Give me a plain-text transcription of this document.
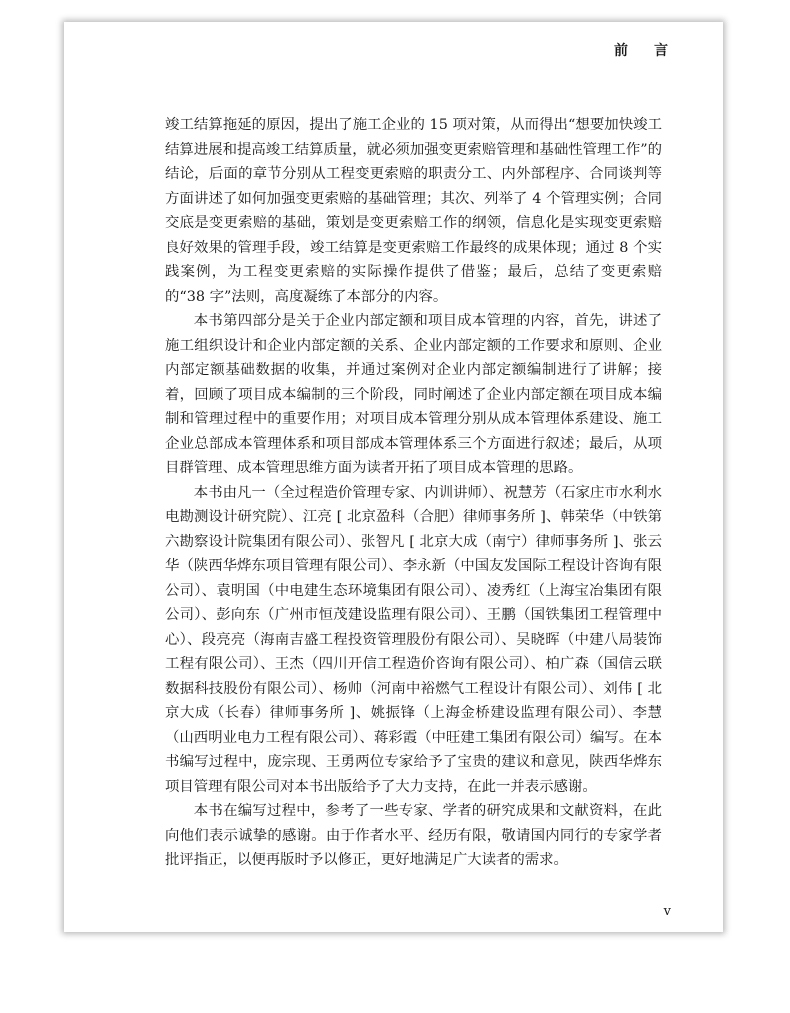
前　言

竣工结算拖延的原因，提出了施工企业的 15 项对策，从而得出“想要加快竣工结算进展和提高竣工结算质量，就必须加强变更索赔管理和基础性管理工作”的结论，后面的章节分别从工程变更索赔的职责分工、内外部程序、合同谈判等方面讲述了如何加强变更索赔的基础管理；其次、列举了 4 个管理实例；合同交底是变更索赔的基础，策划是变更索赔工作的纲领，信息化是实现变更索赔良好效果的管理手段，竣工结算是变更索赔工作最终的成果体现；通过 8 个实践案例，为工程变更索赔的实际操作提供了借鉴；最后，总结了变更索赔的“38 字”法则，高度凝练了本部分的内容。

本书第四部分是关于企业内部定额和项目成本管理的内容，首先，讲述了施工组织设计和企业内部定额的关系、企业内部定额的工作要求和原则、企业内部定额基础数据的收集，并通过案例对企业内部定额编制进行了讲解；接着，回顾了项目成本编制的三个阶段，同时阐述了企业内部定额在项目成本编制和管理过程中的重要作用；对项目成本管理分别从成本管理体系建设、施工企业总部成本管理体系和项目部成本管理体系三个方面进行叙述；最后，从项目群管理、成本管理思维方面为读者开拓了项目成本管理的思路。

本书由凡一（全过程造价管理专家、内训讲师）、祝慧芳（石家庄市水利水电勘测设计研究院）、江亮 [ 北京盈科（合肥）律师事务所 ]、韩荣华（中铁第六勘察设计院集团有限公司）、张智凡 [ 北京大成（南宁）律师事务所 ]、张云华（陕西华烨东项目管理有限公司）、李永新（中国友发国际工程设计咨询有限公司）、袁明国（中电建生态环境集团有限公司）、凌秀红（上海宝冶集团有限公司）、彭向东（广州市恒茂建设监理有限公司）、王鹏（国铁集团工程管理中心）、段亮亮（海南吉盛工程投资管理股份有限公司）、吴晓晖（中建八局装饰工程有限公司）、王杰（四川开信工程造价咨询有限公司）、柏广森（国信云联数据科技股份有限公司）、杨帅（河南中裕燃气工程设计有限公司）、刘伟 [ 北京大成（长春）律师事务所 ]、姚振锋（上海金桥建设监理有限公司）、李慧（山西明业电力工程有限公司）、蒋彩霞（中旺建工集团有限公司）编写。在本书编写过程中，庞宗现、王勇两位专家给予了宝贵的建议和意见，陕西华烨东项目管理有限公司对本书出版给予了大力支持，在此一并表示感谢。

本书在编写过程中，参考了一些专家、学者的研究成果和文献资料，在此向他们表示诚挚的感谢。由于作者水平、经历有限，敬请国内同行的专家学者批评指正，以便再版时予以修正，更好地满足广大读者的需求。

v
